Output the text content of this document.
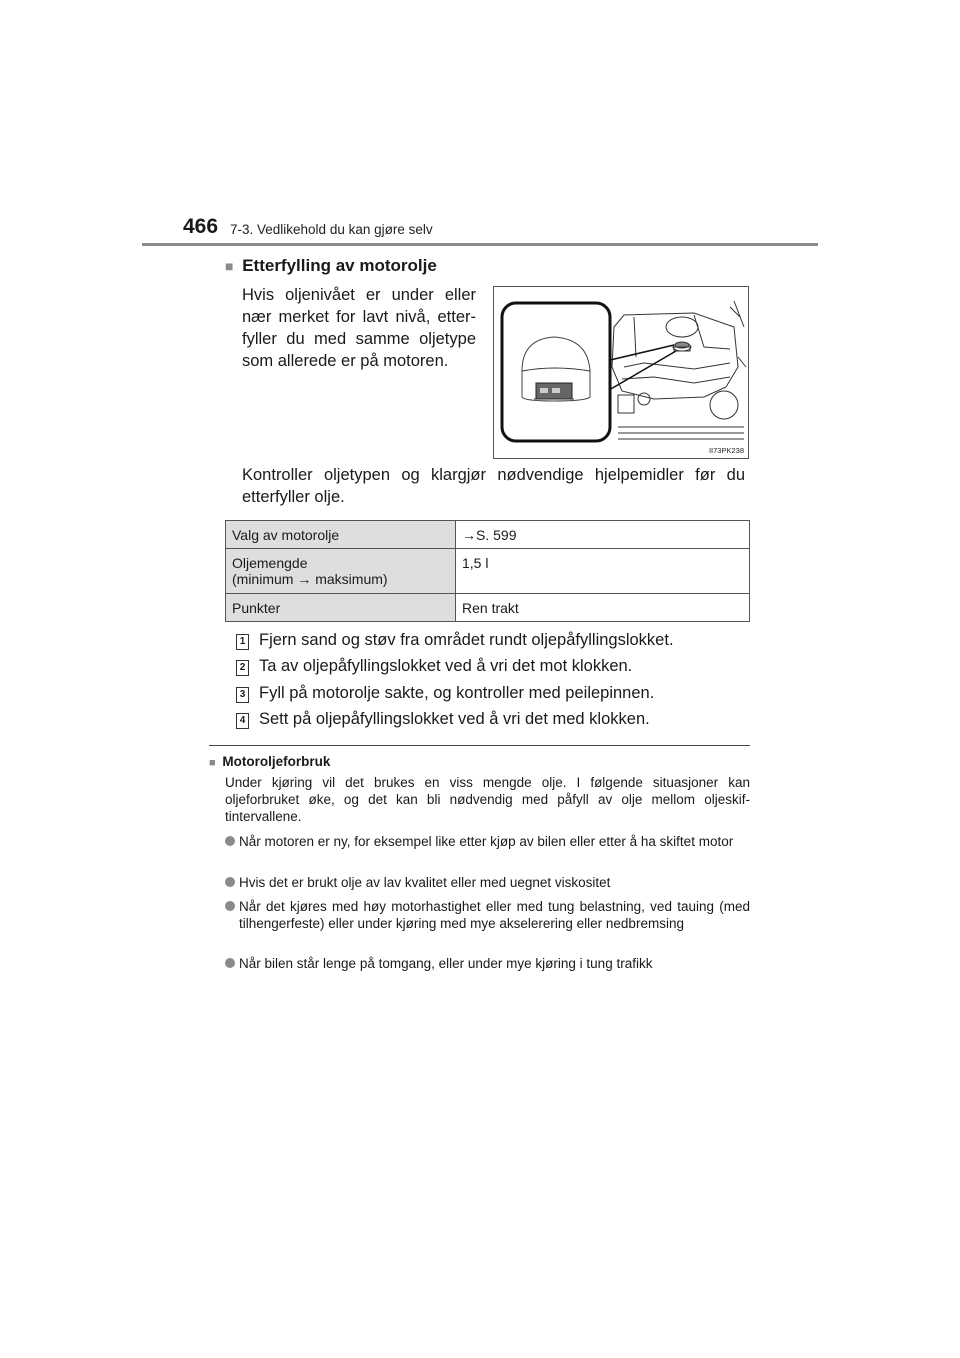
466 7-3. Vedlikehold du kan gjøre selv
■ Etterfylling av motorolje
Hvis oljenivået er under eller nær merket for lavt nivå, etterfyller du med samme oljetype som allerede er på motoren.
II73PK238
Kontroller oljetypen og klargjør nødvendige hjelpemidler før du etterfyller olje.
Valg av motorolje	→S. 599
Oljemengde
(minimum → maksimum)	1,5 l
Punkter	Ren trakt
1 Fjern sand og støv fra området rundt oljepåfyllingslokket.
2 Ta av oljepåfyllingslokket ved å vri det mot klokken.
3 Fyll på motorolje sakte, og kontroller med peilepinnen.
4 Sett på oljepåfyllingslokket ved å vri det med klokken.
■ Motoroljeforbruk
Under kjøring vil det brukes en viss mengde olje. I følgende situasjoner kan oljeforbruket øke, og det kan bli nødvendig med påfyll av olje mellom oljeskiftintervallene.
Når motoren er ny, for eksempel like etter kjøp av bilen eller etter å ha skiftet motor
Hvis det er brukt olje av lav kvalitet eller med uegnet viskositet
Når det kjøres med høy motorhastighet eller med tung belastning, ved tauing (med tilhengerfeste) eller under kjøring med mye akselerering eller nedbremsing
Når bilen står lenge på tomgang, eller under mye kjøring i tung trafikk
